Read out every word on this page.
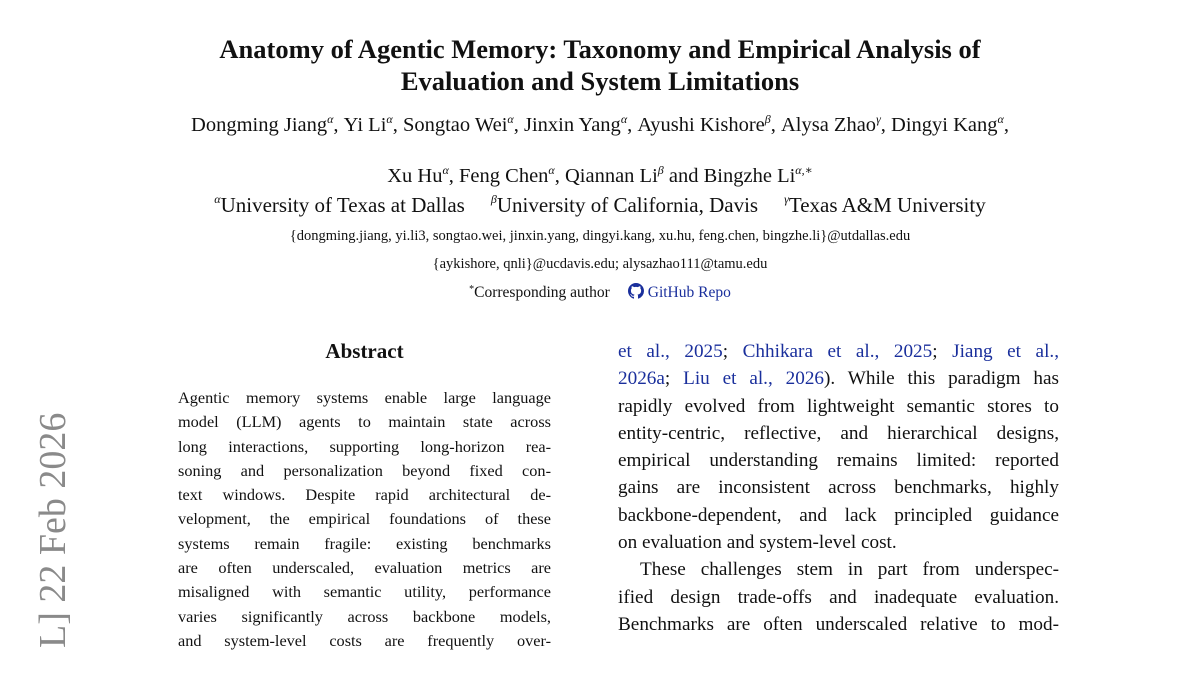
Anatomy of Agentic Memory: Taxonomy and Empirical Analysis of
Evaluation and System Limitations
Dongming Jiang$^\alpha$, Yi $Li^\alpha$, Songtao Wei$^\alpha$, Jinxin Yang$^\alpha$, Ayushi Kishore$^\beta$, Alysa Zhao$^\gamma$, Dingyi Kang$^\alpha$,
Xu $Hu^\alpha$, Feng Chen$^\alpha$, Qiannan $Li^\beta$ and Bingzhe $Li^{\alpha,∗}$
$^\alpha$University of Texas at Dallas $^\beta$University of California, Davis $^\gamma$Texas A&M University
{dongming.jiang, yi.li3, songtao.wei, jinxin.yang, dingyi.kang, xu.hu, feng.chen, bingzhe.li}@utdallas.edu
{aykishore, qnli}@ucdavis.edu; alysazhao111@tamu.edu
*Corresponding author GitHub Repo
Abstract
Agentic memory systems enable large language
model (LLM) agents to maintain state across
long interactions, supporting long-horizon rea-
soning and personalization beyond fixed con-
text windows. Despite rapid architectural de-
velopment, the empirical foundations of these
systems remain fragile: existing benchmarks
are often underscaled, evaluation metrics are
misaligned with semantic utility, performance
varies significantly across backbone models,
and system-level costs are frequently over-
et al., 2025; Chhikara et al., 2025; Jiang et al.,
2026a; Liu et al., 2026). While this paradigm has
rapidly evolved from lightweight semantic stores to
entity-centric, reflective, and hierarchical designs,
empirical understanding remains limited: reported
gains are inconsistent across benchmarks, highly
backbone-dependent, and lack principled guidance
on evaluation and system-level cost.
These challenges stem in part from underspec-
ified design trade-offs and inadequate evaluation.
Benchmarks are often underscaled relative to mod-
L] 22 Feb 2026
